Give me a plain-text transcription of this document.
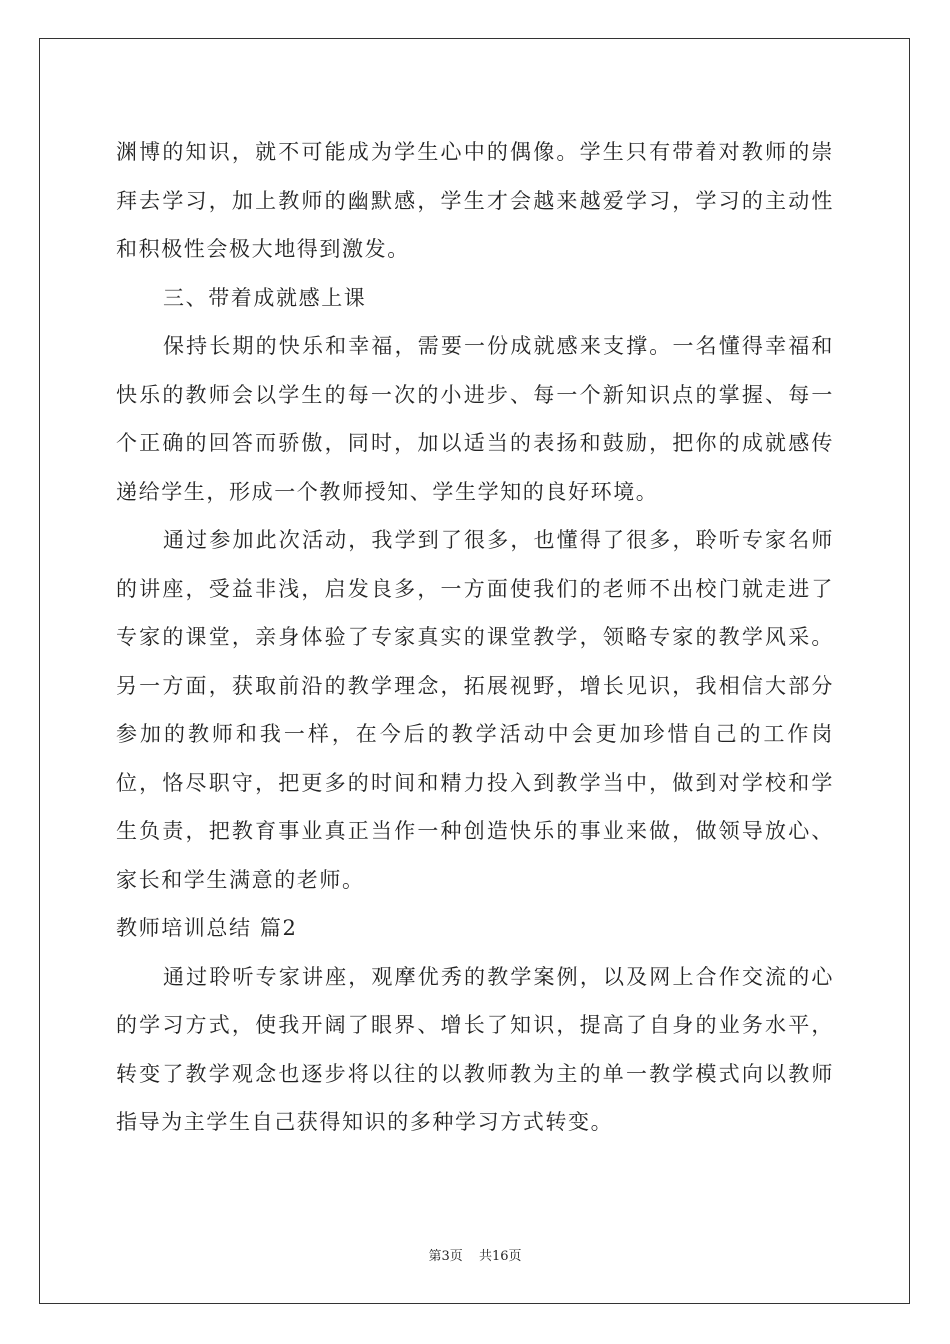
渊博的知识，就不可能成为学生心中的偶像。学生只有带着对教师的崇拜去学习，加上教师的幽默感，学生才会越来越爱学习，学习的主动性和积极性会极大地得到激发。

三、带着成就感上课

保持长期的快乐和幸福，需要一份成就感来支撑。一名懂得幸福和快乐的教师会以学生的每一次的小进步、每一个新知识点的掌握、每一个正确的回答而骄傲，同时，加以适当的表扬和鼓励，把你的成就感传递给学生，形成一个教师授知、学生学知的良好环境。

通过参加此次活动，我学到了很多，也懂得了很多，聆听专家名师的讲座，受益非浅，启发良多，一方面使我们的老师不出校门就走进了专家的课堂，亲身体验了专家真实的课堂教学，领略专家的教学风采。另一方面，获取前沿的教学理念，拓展视野，增长见识，我相信大部分参加的教师和我一样，在今后的教学活动中会更加珍惜自己的工作岗位，恪尽职守，把更多的时间和精力投入到教学当中，做到对学校和学生负责，把教育事业真正当作一种创造快乐的事业来做，做领导放心、家长和学生满意的老师。

教师培训总结 篇2

通过聆听专家讲座，观摩优秀的教学案例，以及网上合作交流的心的学习方式，使我开阔了眼界、增长了知识，提高了自身的业务水平，转变了教学观念也逐步将以往的以教师教为主的单一教学模式向以教师指导为主学生自己获得知识的多种学习方式转变。

第3页 共16页
